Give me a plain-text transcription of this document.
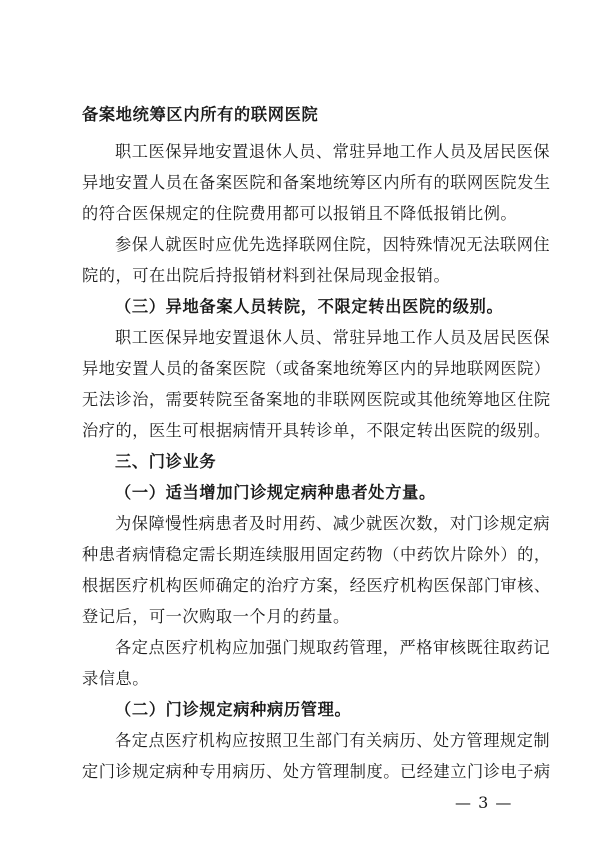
备案地统筹区内所有的联网医院
职工医保异地安置退休人员、常驻异地工作人员及居民医保
异地安置人员在备案医院和备案地统筹区内所有的联网医院发生
的符合医保规定的住院费用都可以报销且不降低报销比例。
参保人就医时应优先选择联网住院，因特殊情况无法联网住
院的，可在出院后持报销材料到社保局现金报销。
（三）异地备案人员转院，不限定转出医院的级别。
职工医保异地安置退休人员、常驻异地工作人员及居民医保
异地安置人员的备案医院（或备案地统筹区内的异地联网医院）
无法诊治，需要转院至备案地的非联网医院或其他统筹地区住院
治疗的，医生可根据病情开具转诊单，不限定转出医院的级别。
三、门诊业务
（一）适当增加门诊规定病种患者处方量。
为保障慢性病患者及时用药、减少就医次数，对门诊规定病
种患者病情稳定需长期连续服用固定药物（中药饮片除外）的，
根据医疗机构医师确定的治疗方案，经医疗机构医保部门审核、
登记后，可一次购取一个月的药量。
各定点医疗机构应加强门规取药管理，严格审核既往取药记
录信息。
（二）门诊规定病种病历管理。
各定点医疗机构应按照卫生部门有关病历、处方管理规定制
定门诊规定病种专用病历、处方管理制度。已经建立门诊电子病
— 3 —
